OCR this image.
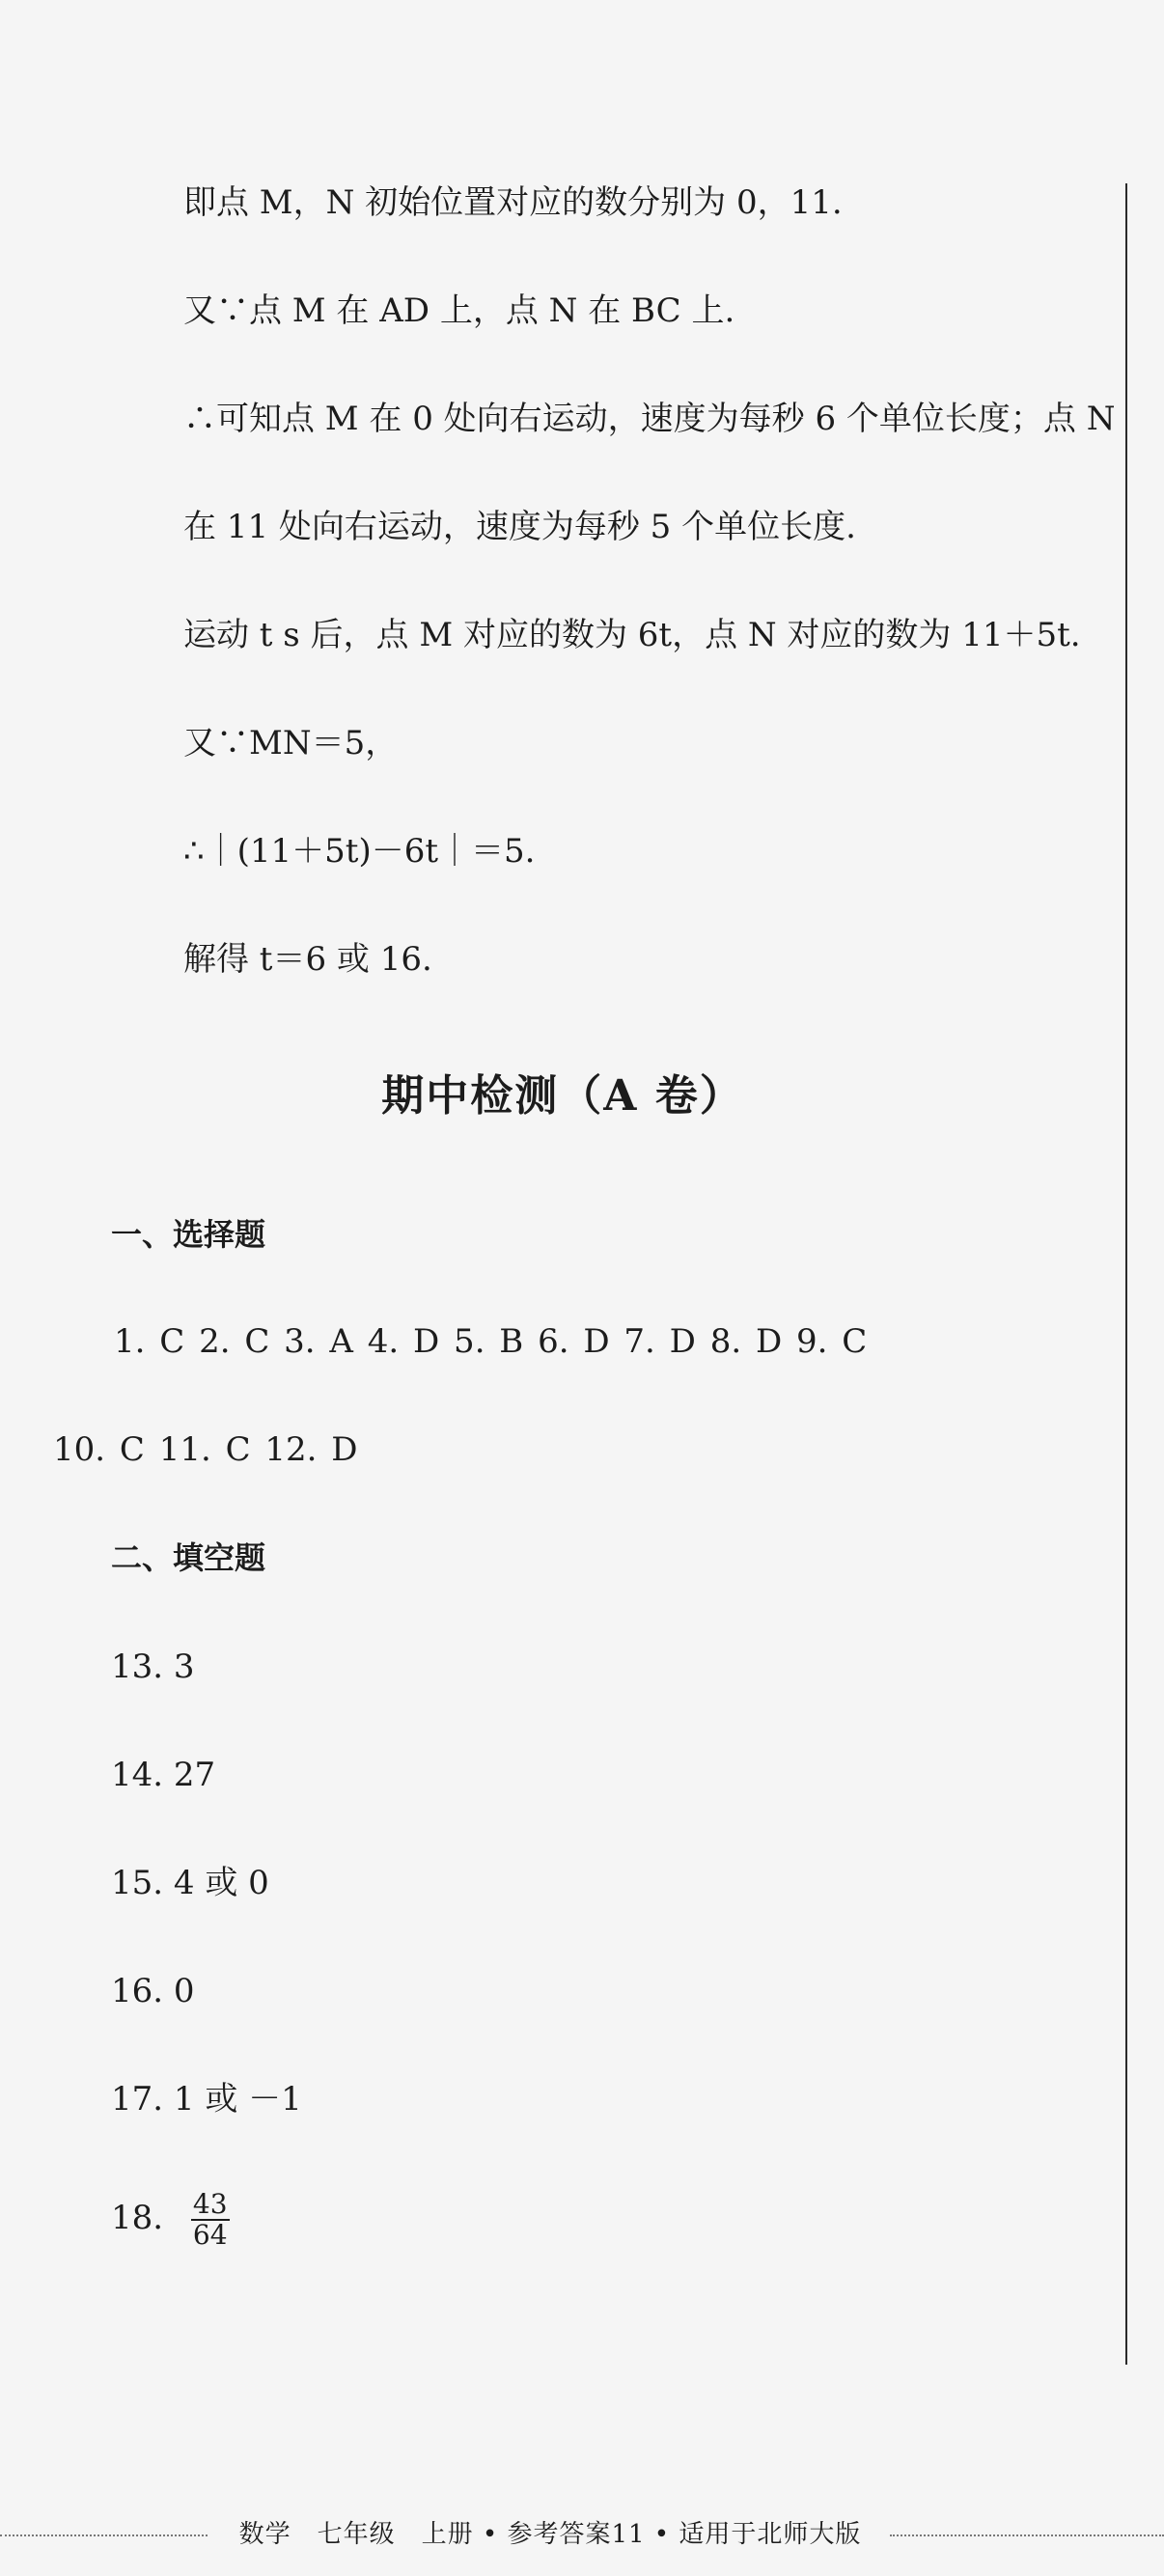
即点 M，N 初始位置对应的数分别为 0，11.
又∵点 M 在 AD 上，点 N 在 BC 上.
∴可知点 M 在 0 处向右运动，速度为每秒 6 个单位长度；点 N
在 11 处向右运动，速度为每秒 5 个单位长度.
运动 t s 后，点 M 对应的数为 6t，点 N 对应的数为 11＋5t.
又∵MN＝5，
∴｜(11＋5t)－6t｜＝5.
解得 t＝6 或 16.
期中检测（A 卷）
一、选择题
1. C 2. C 3. A 4. D 5. B 6. D 7. D 8. D 9. C
10. C 11. C 12. D
二、填空题
13. 3
14. 27
15. 4 或 0
16. 0
17. 1 或 －1
18. $\frac{43}{64}$
数学　七年级　上册 • 参考答案11 • 适用于北师大版
